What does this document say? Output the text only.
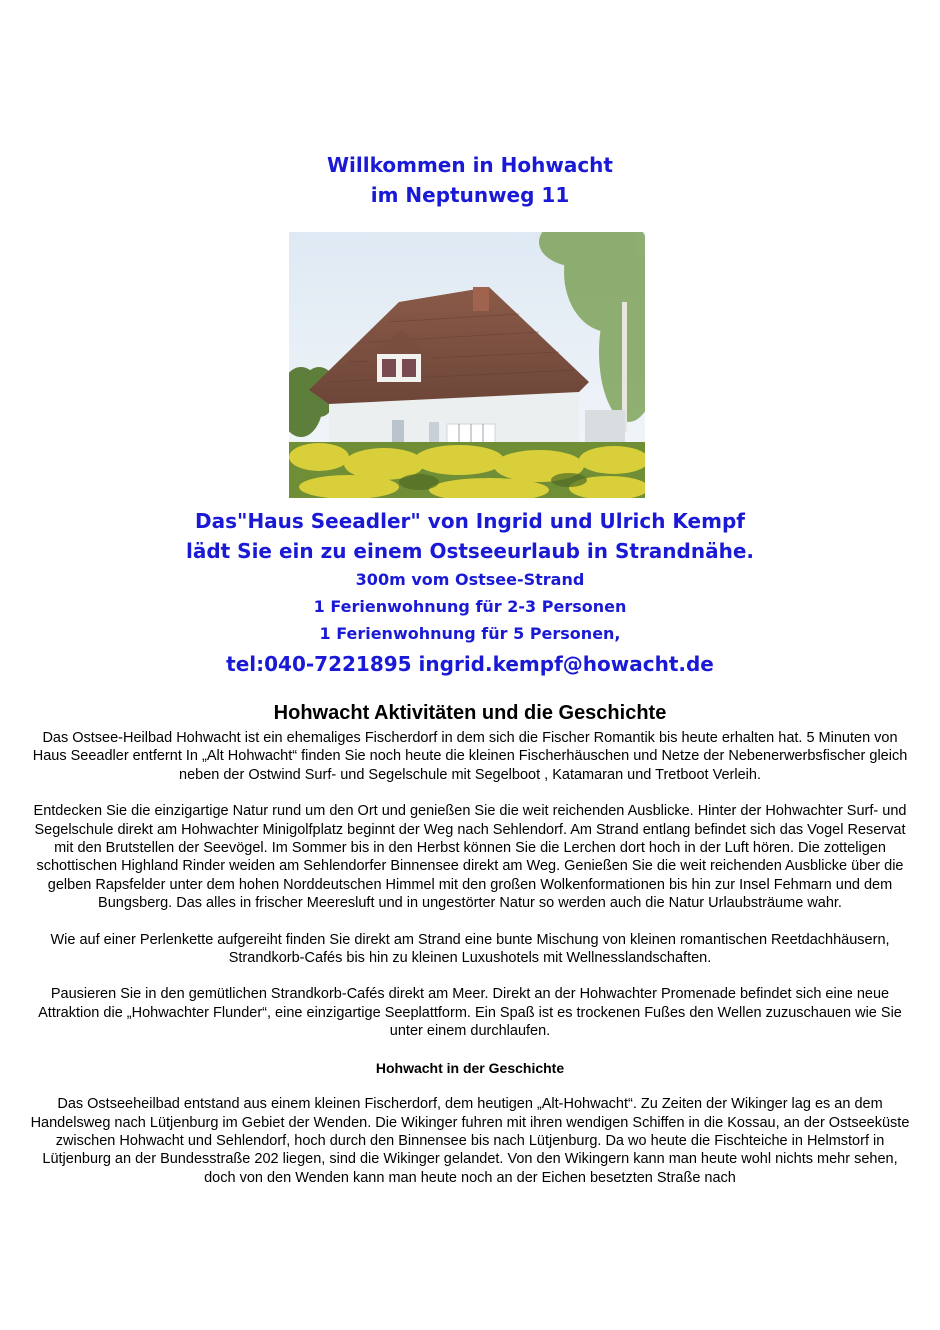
Willkommen in Hohwacht
im Neptunweg 11
Das"Haus Seeadler" von Ingrid und Ulrich Kempf
lädt Sie ein zu einem Ostseeurlaub in Strandnähe.
300m vom Ostsee-Strand
1 Ferienwohnung für 2-3 Personen
1 Ferienwohnung für 5 Personen,
tel:040-7221895 ingrid.kempf@howacht.de
Hohwacht Aktivitäten und die Geschichte

Das Ostsee-Heilbad Hohwacht ist ein ehemaliges Fischerdorf in dem sich die Fischer Romantik bis heute erhalten hat. 5 Minuten von Haus Seeadler entfernt In „Alt Hohwacht“ finden Sie noch heute die kleinen Fischerhäuschen und Netze der Nebenerwerbsfischer gleich neben der Ostwind Surf- und Segelschule mit Segelboot , Katamaran und Tretboot Verleih.

Entdecken Sie die einzigartige Natur rund um den Ort und genießen Sie die weit reichenden Ausblicke. Hinter der Hohwachter Surf- und Segelschule direkt am Hohwachter Minigolfplatz beginnt der Weg nach Sehlendorf. Am Strand entlang befindet sich das Vogel Reservat mit den Brutstellen der Seevögel. Im Sommer bis in den Herbst können Sie die Lerchen dort hoch in der Luft hören. Die zotteligen schottischen Highland Rinder weiden am Sehlendorfer Binnensee direkt am Weg. Genießen Sie die weit reichenden Ausblicke über die gelben Rapsfelder unter dem hohen Norddeutschen Himmel mit den großen Wolkenformationen bis hin zur Insel Fehmarn und dem Bungsberg. Das alles in frischer Meeresluft und in ungestörter Natur so werden auch die Natur Urlaubsträume wahr.

Wie auf einer Perlenkette aufgereiht finden Sie direkt am Strand eine bunte Mischung von kleinen romantischen Reetdachhäusern, Strandkorb-Cafés bis hin zu kleinen Luxushotels mit Wellnesslandschaften.

Pausieren Sie in den gemütlichen Strandkorb-Cafés direkt am Meer. Direkt an der Hohwachter Promenade befindet sich eine neue Attraktion die „Hohwachter Flunder“, eine einzigartige Seeplattform. Ein Spaß ist es trockenen Fußes den Wellen zuzuschauen wie Sie unter einem durchlaufen.

Hohwacht in der Geschichte

Das Ostseeheilbad entstand aus einem kleinen Fischerdorf, dem heutigen „Alt-Hohwacht“. Zu Zeiten der Wikinger lag es an dem Handelsweg nach Lütjenburg im Gebiet der Wenden. Die Wikinger fuhren mit ihren wendigen Schiffen in die Kossau, an der Ostseeküste zwischen Hohwacht und Sehlendorf, hoch durch den Binnensee bis nach Lütjenburg. Da wo heute die Fischteiche in Helmstorf in Lütjenburg an der Bundesstraße 202 liegen, sind die Wikinger gelandet. Von den Wikingern kann man heute wohl nichts mehr sehen, doch von den Wenden kann man heute noch an der Eichen besetzten Straße nach
